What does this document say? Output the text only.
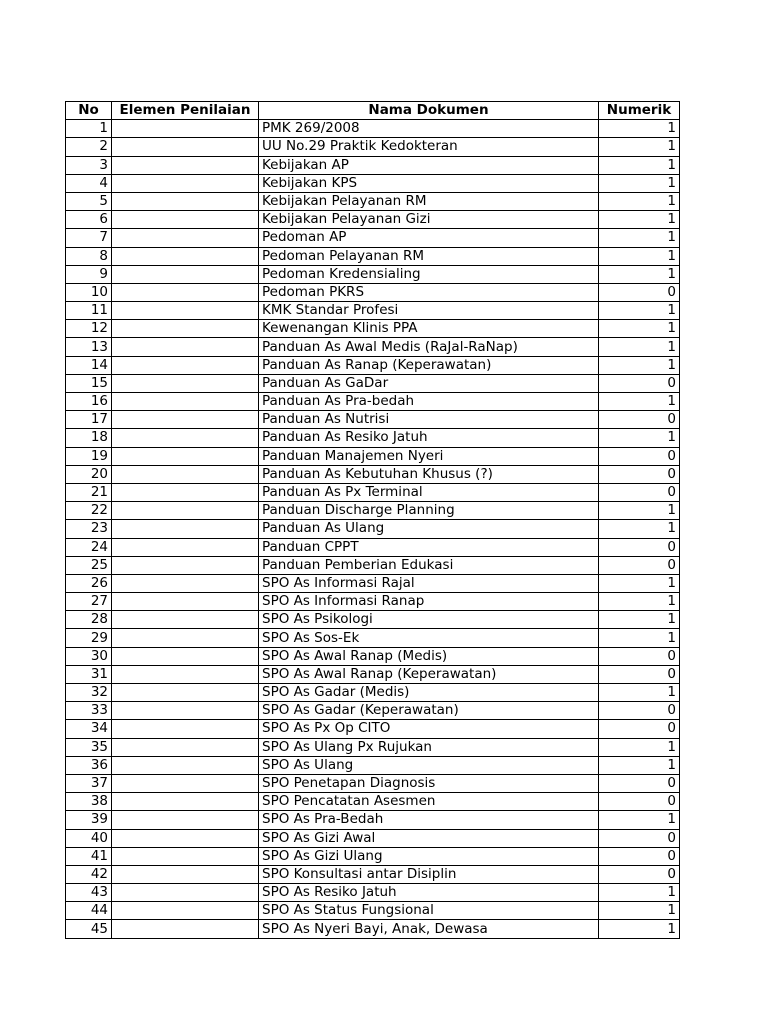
No	Elemen Penilaian	Nama Dokumen	Numerik
1		PMK 269/2008	1
2		UU No.29 Praktik Kedokteran	1
3		Kebijakan AP	1
4		Kebijakan KPS	1
5		Kebijakan Pelayanan RM	1
6		Kebijakan Pelayanan Gizi	1
7		Pedoman AP	1
8		Pedoman Pelayanan RM	1
9		Pedoman Kredensialing	1
10		Pedoman PKRS	0
11		KMK Standar Profesi	1
12		Kewenangan Klinis PPA	1
13		Panduan As Awal Medis (RaJal-RaNap)	1
14		Panduan As Ranap (Keperawatan)	1
15		Panduan As GaDar	0
16		Panduan As Pra-bedah	1
17		Panduan As Nutrisi	0
18		Panduan As Resiko Jatuh	1
19		Panduan Manajemen Nyeri	0
20		Panduan As Kebutuhan Khusus (?)	0
21		Panduan As Px Terminal	0
22		Panduan Discharge Planning	1
23		Panduan As Ulang	1
24		Panduan CPPT	0
25		Panduan Pemberian Edukasi	0
26		SPO As Informasi Rajal	1
27		SPO As Informasi Ranap	1
28		SPO As Psikologi	1
29		SPO As Sos-Ek	1
30		SPO As Awal Ranap (Medis)	0
31		SPO As Awal Ranap (Keperawatan)	0
32		SPO As Gadar (Medis)	1
33		SPO As Gadar (Keperawatan)	0
34		SPO As Px Op CITO	0
35		SPO As Ulang Px Rujukan	1
36		SPO As Ulang	1
37		SPO Penetapan Diagnosis	0
38		SPO Pencatatan Asesmen	0
39		SPO As Pra-Bedah	1
40		SPO As Gizi Awal	0
41		SPO As Gizi Ulang	0
42		SPO Konsultasi antar Disiplin	0
43		SPO As Resiko Jatuh	1
44		SPO As Status Fungsional	1
45		SPO As Nyeri Bayi, Anak, Dewasa	1
